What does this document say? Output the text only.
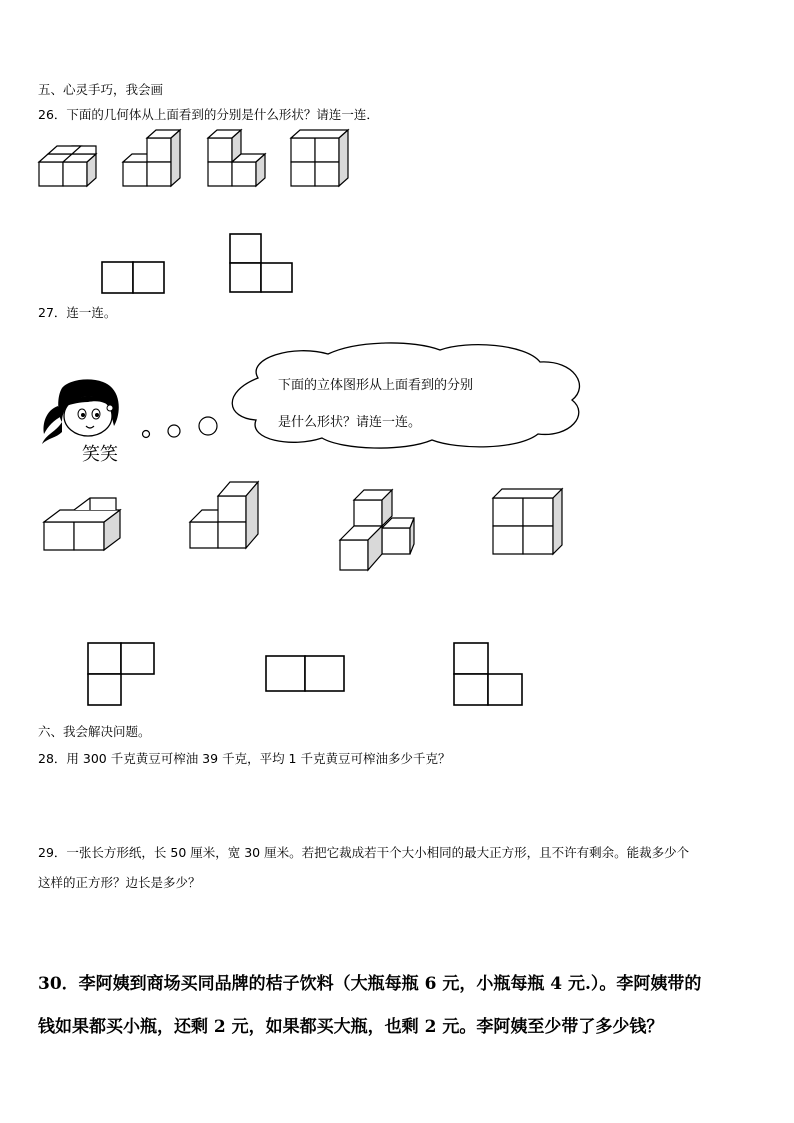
五、心灵手巧，我会画
26．下面的几何体从上面看到的分别是什么形状？请连一连．
27．连一连。
笑笑
下面的立体图形从上面看到的分别
是什么形状？请连一连。
六、我会解决问题。
28．用 300 千克黄豆可榨油 39 千克，平均 1 千克黄豆可榨油多少千克？
29．一张长方形纸，长 50 厘米，宽 30 厘米。若把它裁成若干个大小相同的最大正方形，且不许有剩余。能裁多少个
这样的正方形？边长是多少？
30．李阿姨到商场买同品牌的桔子饮料（大瓶每瓶 6 元，小瓶每瓶 4 元.）。李阿姨带的
钱如果都买小瓶，还剩 2 元，如果都买大瓶，也剩 2 元。李阿姨至少带了多少钱？
